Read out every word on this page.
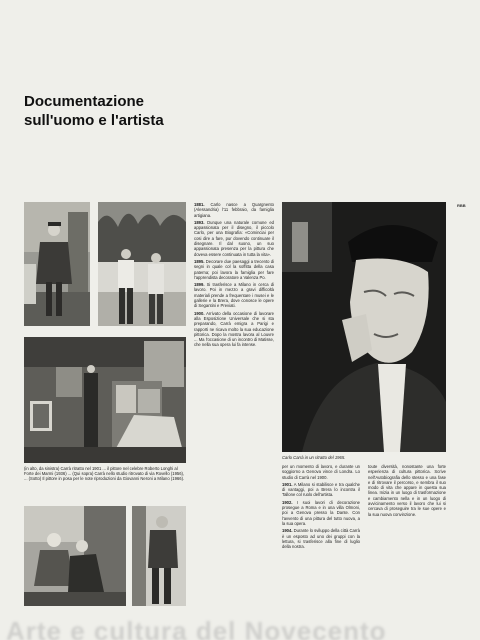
Documentazione
sull'uomo e l'artista
RBB
(in alto, da sinistra) Carrà ritratto nel 1901 ... il pittore nel celebre Roberto Longhi al Forte dei Marmi (1936) ... (Qui sopra) Carrà nello studio ritrovato di via Rovello (1956), ... (Sotto) Il pittore in posa per le note riproduzioni da Giovanni Neroni a Milano (1966).

1881. Carlo nasce a Quargnento (Alessandria) l'11 febbraio, da famiglia artigiana.

1893. Dunque una naturale comune ed appassionata per il disegno, il piccolo Carlo, per una Biografia: «Cominciai per cosi dire a fare, pur dovendo continuare il disegnare. Il dal suono, un suo appassionata presenza per la pittura che doveva essere continuata in tutta la vita».

1895. Decorare due paesaggi a trecento di segni in quale col la soffitta della casa paterna; poi lavora la famiglia per fare l'apprendista decoratore a Valenza Po.

1899. Si trasferisce a Milano in cerca di lavoro. Poi in mezzo a gravi difficoltà materiali prende a frequentare i musei e le gallerie e la Brera, dove conosce le opere di Segantini e Previati.

1900. Arrivato della occasione di lavorare alla Esposizione Universale che si sta preparando, Carrà emigra a Parigi e rapporti ne ricava molto la sua educazione pittorica. Dopo la mostra lavora al Louvre ... Ma l'occasione di un incontro di Matisse, che nella sua opera lui fa intense.

Carlo Carrà in un ritratto del 1965.

per un momento di lavoro, e durante un soggiorno a Genova vince di Londra. Lo studio di Carrà nel 1900.

1901. A Milano si stabilisce e tra qualche di vantaggi, poi a Brera lo incontra il Tallone col ruolo dell'artista.

1902. I suoi lavori di decorazione prosegue a Roma e in una villa Olmoni, poi a Genova presso la Dante. Con l'avvento di una pittura del tutto nuova, a la sua opera.

1904. Durante lo sviluppo della città Carrà è un esposto ad uno dei gruppi con la lettura, si trasferisce alla fine di luglio della nostra.

toute diversità, nonostante una forte esperienza di cultura pittorica. Scrive nell'Autobiografia dello stesso e una fase e di ritrovare il percorso, e sembra il suo modo di vita che appare in questa sua linea. Inizia in un luogo di trasformazione e cambiamento nella e in un luogo di avvicinamento verso il lavoro che lui si cercava di proseguire tra le sue opere e la sua nuova convinzione.

Arte e cultura del Novecento
